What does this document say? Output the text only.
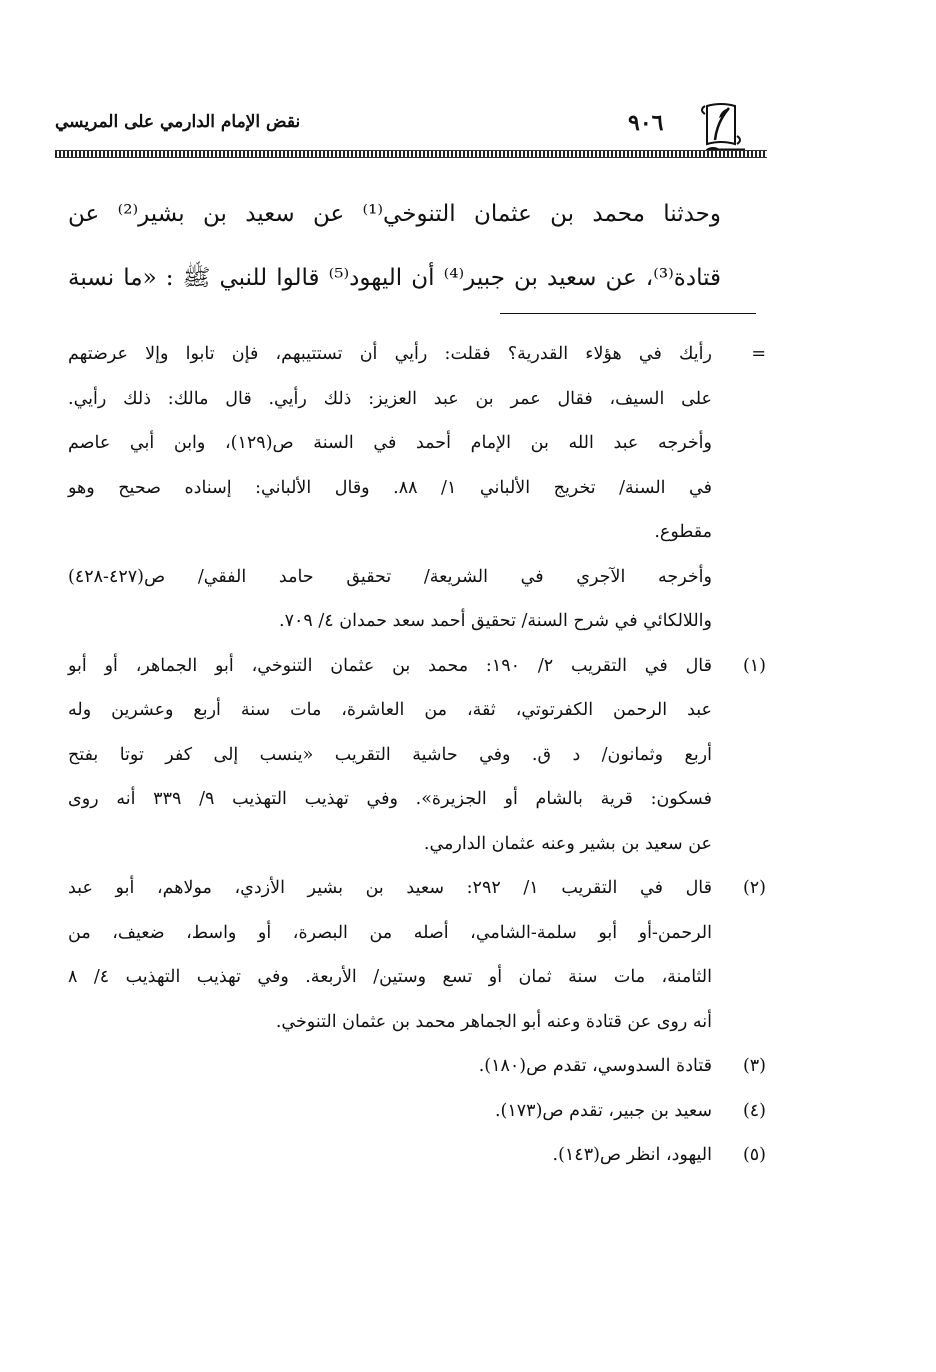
نقض الإمام الدارمي على المريسي	٩٠٦

وحدثنا محمد بن عثمان التنوخي⁽¹⁾ عن سعيد بن بشير⁽²⁾ عن

قتادة⁽³⁾، عن سعيد بن جبير⁽⁴⁾ أن اليهود⁽⁵⁾ قالوا للنبي ﷺ : «ما نسبة

=
رأيك في هؤلاء القدرية؟ فقلت: رأيي أن تستتيبهم، فإن تابوا وإلا عرضتهم
على السيف، فقال عمر بن عبد العزيز: ذلك رأيي. قال مالك: ذلك رأيي.
وأخرجه عبد الله بن الإمام أحمد في السنة ص(١٢٩)، وابن أبي عاصم
في السنة/ تخريج الألباني ١/ ٨٨. وقال الألباني: إسناده صحيح وهو
مقطوع.
وأخرجه الآجري في الشريعة/ تحقيق حامد الفقي/ ص(٤٢٧-٤٢٨)
واللالكائي في شرح السنة/ تحقيق أحمد سعد حمدان ٤/ ٧٠٩.
(١)
قال في التقريب ٢/ ١٩٠: محمد بن عثمان التنوخي، أبو الجماهر، أو أبو
عبد الرحمن الكفرتوتي، ثقة، من العاشرة، مات سنة أربع وعشرين وله
أربع وثمانون/ د ق. وفي حاشية التقريب «ينسب إلى كفر توتا بفتح
فسكون: قرية بالشام أو الجزيرة». وفي تهذيب التهذيب ٩/ ٣٣٩ أنه روى
عن سعيد بن بشير وعنه عثمان الدارمي.
(٢)
قال في التقريب ١/ ٢٩٢: سعيد بن بشير الأزدي، مولاهم، أبو عبد
الرحمن-أو أبو سلمة-الشامي، أصله من البصرة، أو واسط، ضعيف، من
الثامنة، مات سنة ثمان أو تسع وستين/ الأربعة. وفي تهذيب التهذيب ٤/ ٨
أنه روى عن قتادة وعنه أبو الجماهر محمد بن عثمان التنوخي.
(٣)
قتادة السدوسي، تقدم ص(١٨٠).
(٤)
سعيد بن جبير، تقدم ص(١٧٣).
(٥)
اليهود، انظر ص(١٤٣).
